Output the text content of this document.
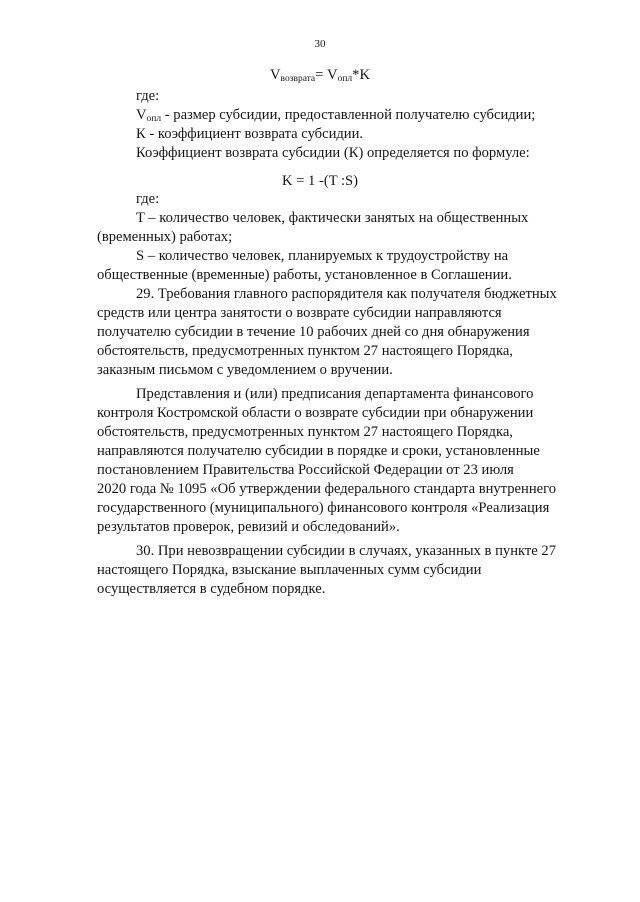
30
$V_{возврата}= V_{опл}*K$
где:
$V_{опл}$ - размер субсидии, предоставленной получателю субсидии;
К - коэффициент возврата субсидии.
Коэффициент возврата субсидии (К) определяется по формуле:
K = 1 -(T :S)
где:
T – количество человек, фактически занятых на общественных
(временных) работах;
S – количество человек, планируемых к трудоустройству на
общественные (временные) работы, установленное в Соглашении.
29. Требования главного распорядителя как получателя бюджетных
средств или центра занятости о возврате субсидии направляются
получателю субсидии в течение 10 рабочих дней со дня обнаружения
обстоятельств, предусмотренных пунктом 27 настоящего Порядка,
заказным письмом с уведомлением о вручении.
Представления и (или) предписания департамента финансового
контроля Костромской области о возврате субсидии при обнаружении
обстоятельств, предусмотренных пунктом 27 настоящего Порядка,
направляются получателю субсидии в порядке и сроки, установленные
постановлением Правительства Российской Федерации от 23 июля
2020 года № 1095 «Об утверждении федерального стандарта внутреннего
государственного (муниципального) финансового контроля «Реализация
результатов проверок, ревизий и обследований».
30. При невозвращении субсидии в случаях, указанных в пункте 27
настоящего Порядка, взыскание выплаченных сумм субсидии
осуществляется в судебном порядке.
